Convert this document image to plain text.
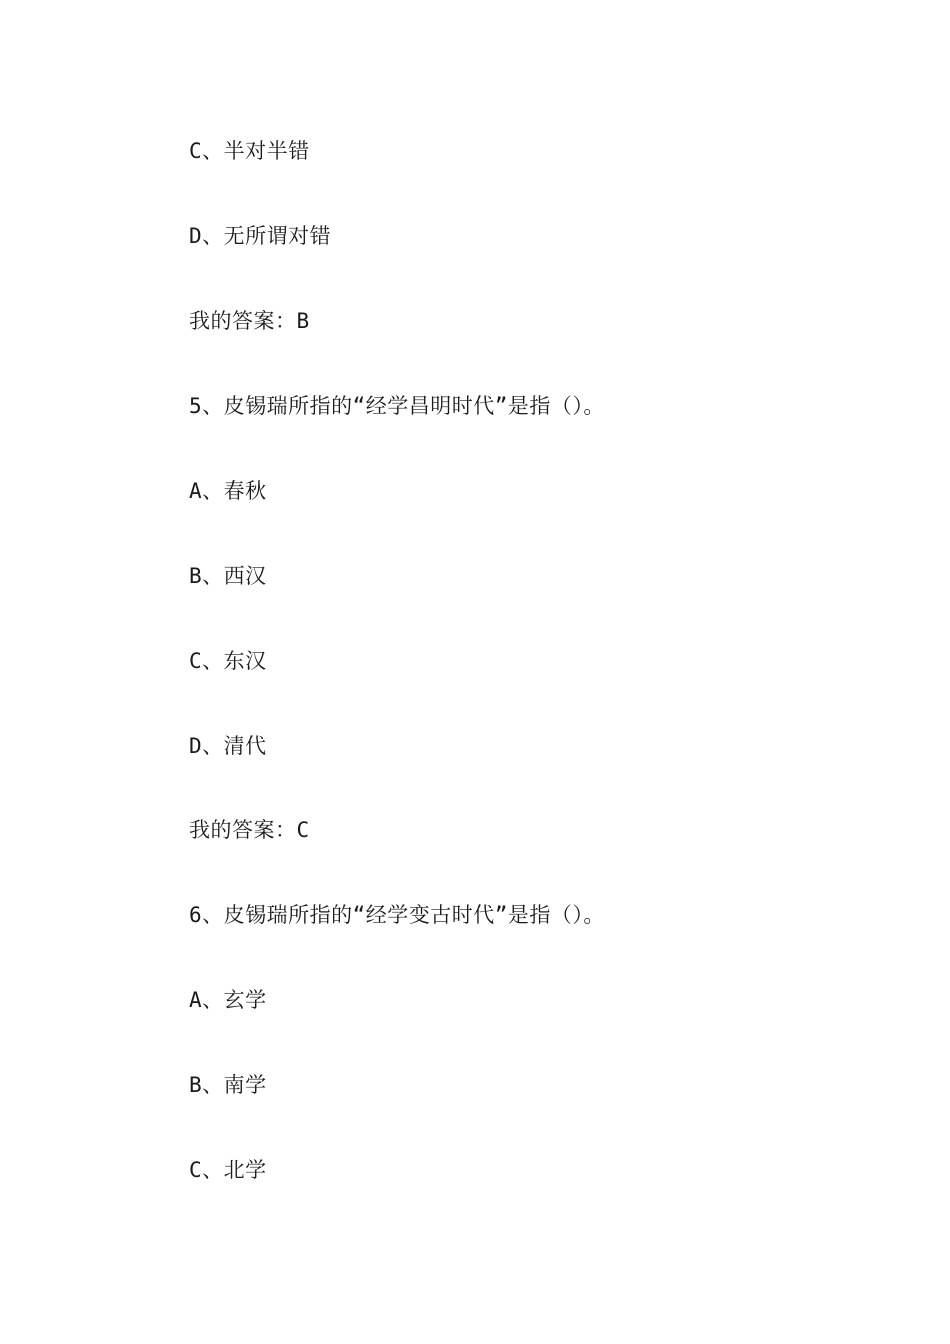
C、半对半错
D、无所谓对错
我的答案：B
5、皮锡瑞所指的“经学昌明时代”是指（）。
A、春秋
B、西汉
C、东汉
D、清代
我的答案：C
6、皮锡瑞所指的“经学变古时代”是指（）。
A、玄学
B、南学
C、北学
